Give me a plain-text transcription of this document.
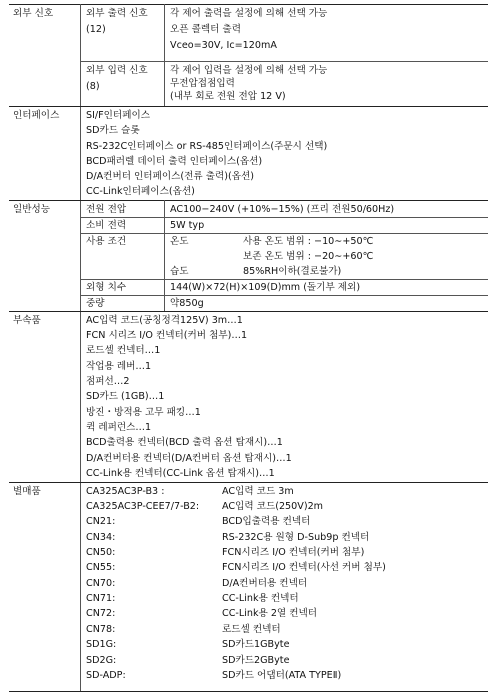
외부 신호	외부 출력 신호
(12)
각 제어 출력을 설정에 의해 선택 가능
오픈 콜렉터 출력
Vceo=30V, Ic=120mA
외부 입력 신호
(8)
각 제어 입력을 설정에 의해 선택 가능
무전압접점입력
(내부 회로 전원 전압 12 V)
인터페이스	SI/F인터페이스
SD카드 슬롯
RS-232C인터페이스 or RS-485인터페이스(주문시 선택)
BCD패러렐 데이터 출력 인터페이스(옵션)
D/A컨버터 인터페이스(전류 출력)(옵션)
CC-Link인터페이스(옵션)
일반성능	전원 전압	AC100−240V (+10%−15%) (프리 전원50/60Hz)
소비 전력	5W typ
사용 조건	온도	사용 온도 범위 : −10∼+50℃
보존 온도 범위 : −20∼+60℃
습도	85%RH이하(결로불가)
외형 치수	144(W)×72(H)×109(D)mm (돌기부 제외)
중량	약850g
부속품	AC입력 코드(공칭정격125V) 3m…1
FCN 시리즈 I/O 컨넥터(커버 첨부)…1
로드셀 컨넥터…1
작업용 레버…1
점퍼선…2
SD카드 (1GB)…1
방진・방적용 고무 패킹…1
퀵 레퍼런스…1
BCD출력용 컨넥터(BCD 출력 옵션 탑재시)…1
D/A컨버터용 컨넥터(D/A컨버터 옵션 탑재시)…1
CC-Link용 컨넥터(CC-Link 옵션 탑재시)…1
별매품	CA325AC3P-B3 :	AC입력 코드 3m
CA325AC3P-CEE7/7-B2: AC입력 코드(250V)2m
CN21:	BCD입출력용 컨넥터
CN34:	RS-232C용 원형 D-Sub9p 컨넥터
CN50:	FCN시리즈 I/O 컨넥터(커버 첨부)
CN55:	FCN시리즈 I/O 컨넥터(사선 커버 첨부)
CN70:	D/A컨버터용 컨넥터
CN71:	CC-Link용 컨넥터
CN72:	CC-Link용 2열 컨넥터
CN78:	로드셀 컨넥터
SD1G:	SD카드1GByte
SD2G:	SD카드2GByte
SD-ADP:	SD카드 어댑터(ATA TYPEⅡ)
